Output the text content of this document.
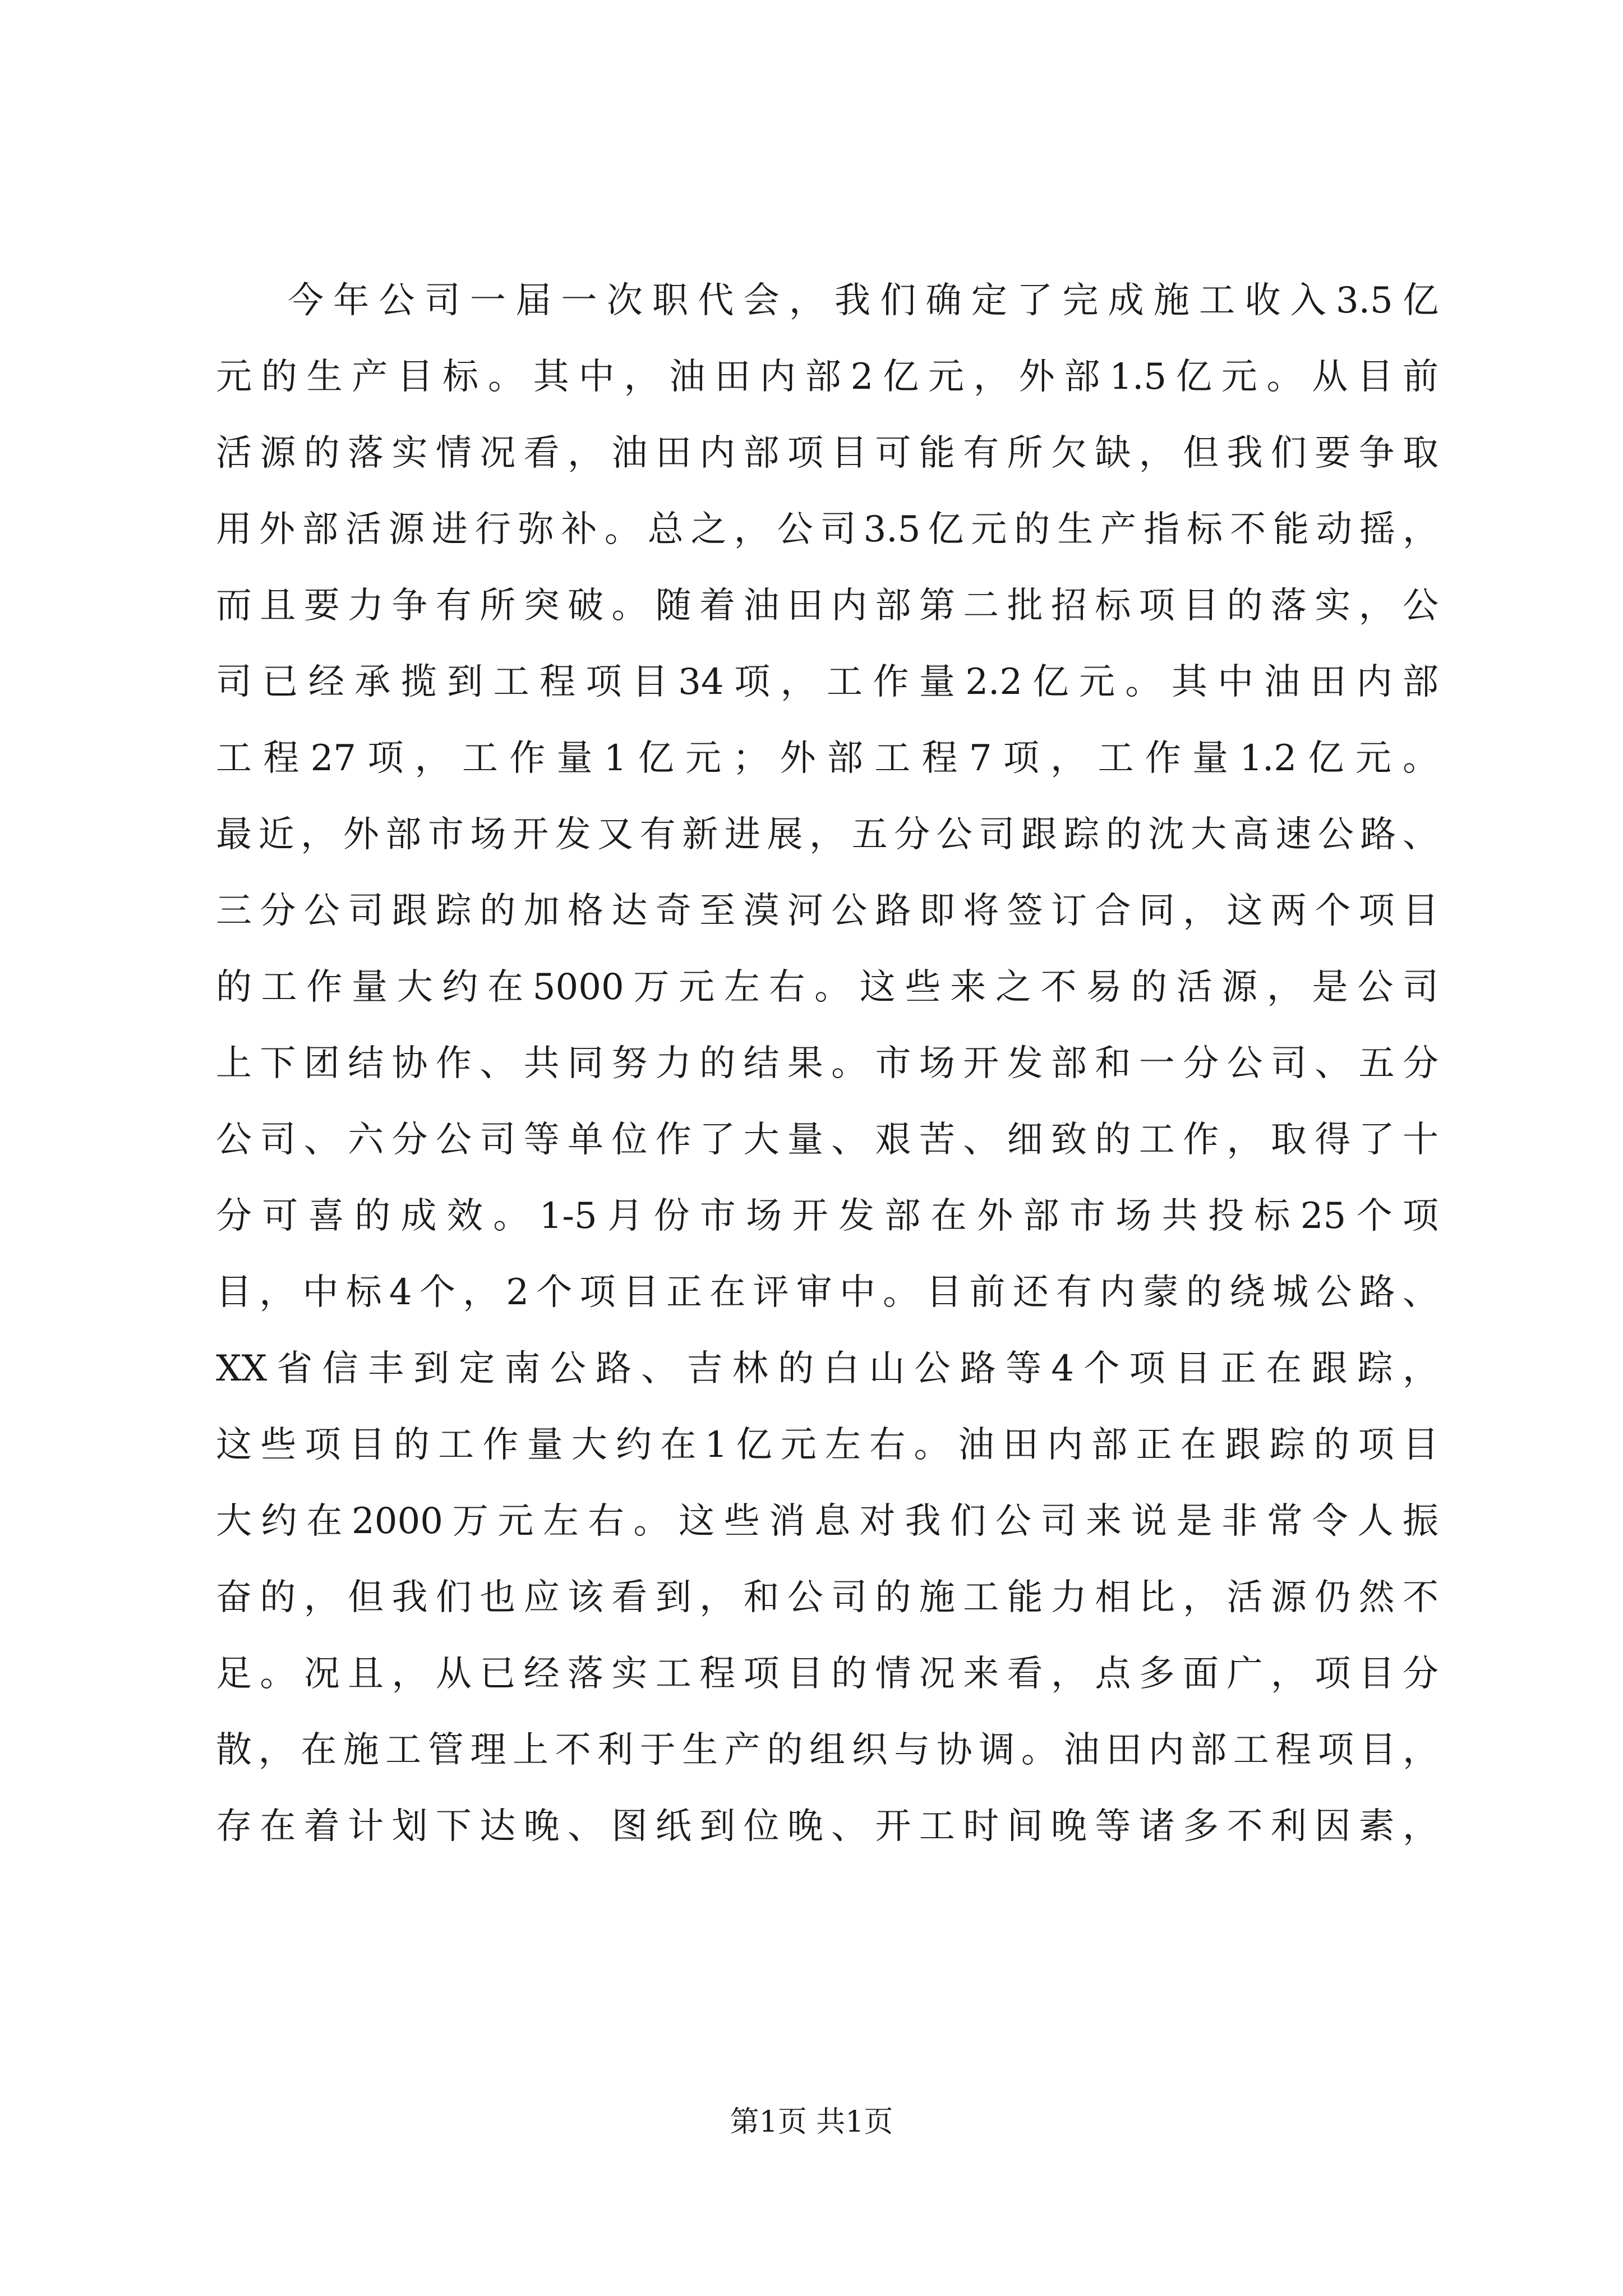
今年公司一届一次职代会，我们确定了完成施工收入3.5亿
元的生产目标。其中，油田内部2亿元，外部1.5亿元。从目前
活源的落实情况看，油田内部项目可能有所欠缺，但我们要争取
用外部活源进行弥补。总之，公司3.5亿元的生产指标不能动摇，
而且要力争有所突破。随着油田内部第二批招标项目的落实，公
司已经承揽到工程项目34项，工作量2.2亿元。其中油田内部
工程27项，工作量1亿元；外部工程7项，工作量1.2亿元。
最近，外部市场开发又有新进展，五分公司跟踪的沈大高速公路、
三分公司跟踪的加格达奇至漠河公路即将签订合同，这两个项目
的工作量大约在5000万元左右。这些来之不易的活源，是公司
上下团结协作、共同努力的结果。市场开发部和一分公司、五分
公司、六分公司等单位作了大量、艰苦、细致的工作，取得了十
分可喜的成效。1-5月份市场开发部在外部市场共投标25个项
目，中标4个，2个项目正在评审中。目前还有内蒙的绕城公路、
XX省信丰到定南公路、吉林的白山公路等4个项目正在跟踪，
这些项目的工作量大约在1亿元左右。油田内部正在跟踪的项目
大约在2000万元左右。这些消息对我们公司来说是非常令人振
奋的，但我们也应该看到，和公司的施工能力相比，活源仍然不
足。况且，从已经落实工程项目的情况来看，点多面广，项目分
散，在施工管理上不利于生产的组织与协调。油田内部工程项目，
存在着计划下达晚、图纸到位晚、开工时间晚等诸多不利因素，
第1页 共1页
